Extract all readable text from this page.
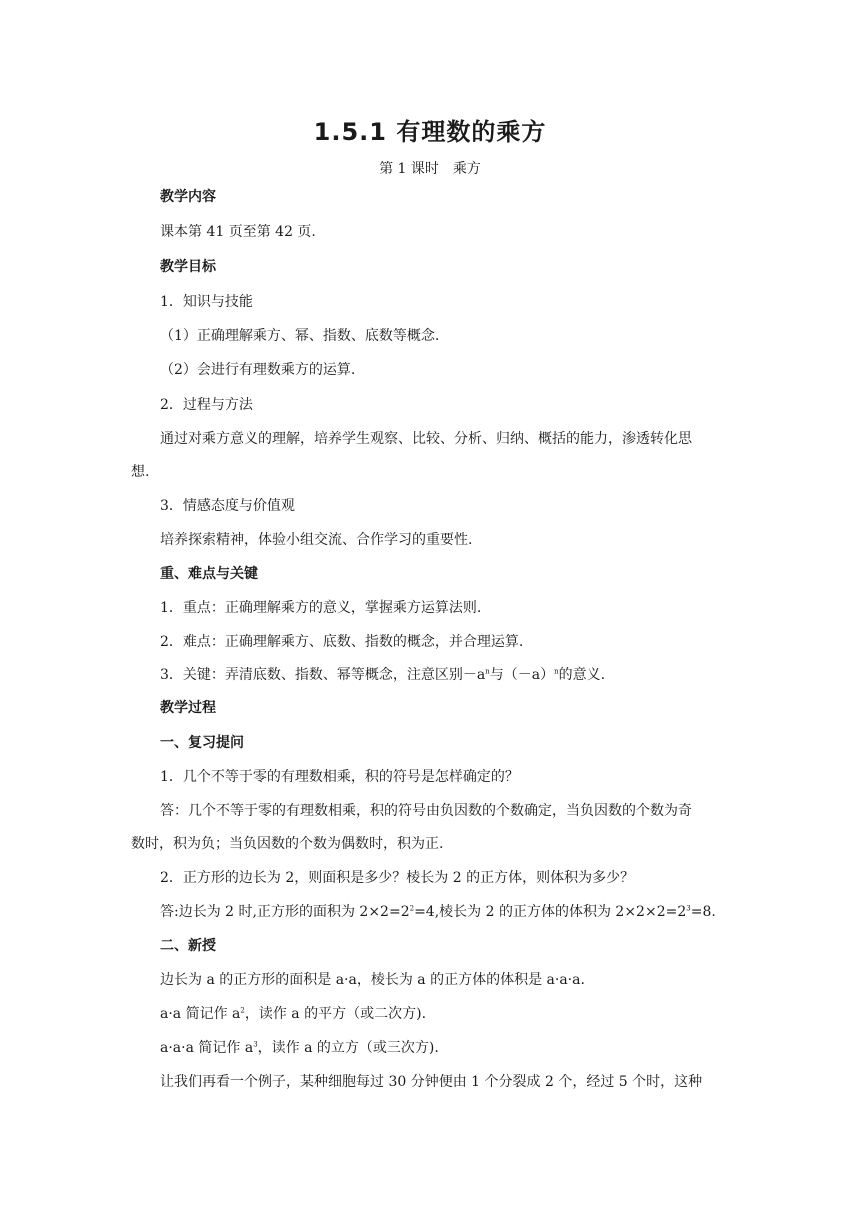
1.5.1 有理数的乘方
第 1 课时　乘方
教学内容
课本第 41 页至第 42 页.
教学目标
1．知识与技能
（1）正确理解乘方、幂、指数、底数等概念.
（2）会进行有理数乘方的运算.
2．过程与方法
通过对乘方意义的理解，培养学生观察、比较、分析、归纳、概括的能力，渗透转化思
想.
3．情感态度与价值观
培养探索精神，体验小组交流、合作学习的重要性.
重、难点与关键
1．重点：正确理解乘方的意义，掌握乘方运算法则.
2．难点：正确理解乘方、底数、指数的概念，并合理运算.
3．关键：弄清底数、指数、幂等概念，注意区别$-a^n$与$(-a)^n$的意义.
教学过程
一、复习提问
1．几个不等于零的有理数相乘，积的符号是怎样确定的？
答：几个不等于零的有理数相乘，积的符号由负因数的个数确定，当负因数的个数为奇
数时，积为负；当负因数的个数为偶数时，积为正.
2．正方形的边长为 2，则面积是多少？棱长为 2 的正方体，则体积为多少？
答:边长为 2 时,正方形的面积为 $2\times 2=2^2=4$,棱长为 2 的正方体的体积为 $2\times 2\times 2=2^3=8$.
二、新授
边长为 a 的正方形的面积是 a·a，棱长为 a 的正方体的体积是 a·a·a.
a·a 简记作 $a^2$，读作 a 的平方（或二次方).
a·a·a 简记作 $a^3$，读作 a 的立方（或三次方).
让我们再看一个例子，某种细胞每过 30 分钟便由 1 个分裂成 2 个，经过 5 个时，这种
